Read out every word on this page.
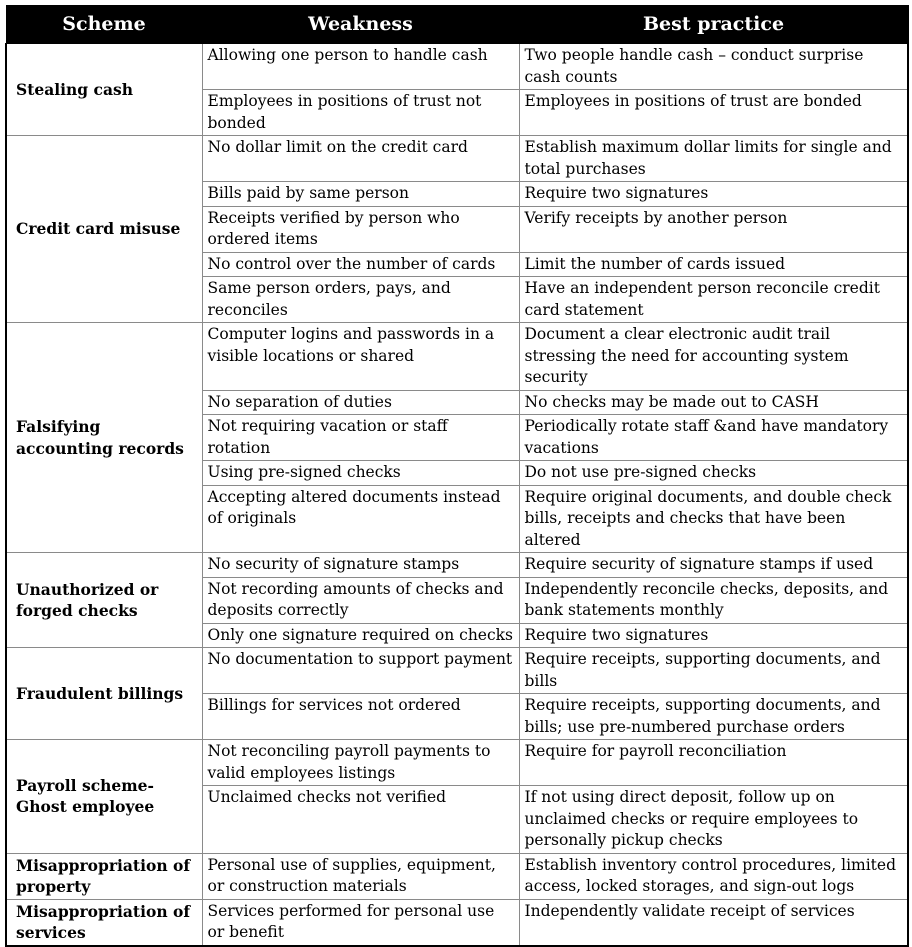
Scheme	Weakness	Best practice
Stealing cash	Allowing one person to handle cash	Two people handle cash – conduct surprise cash counts
	Employees in positions of trust not bonded	Employees in positions of trust are bonded
Credit card misuse	No dollar limit on the credit card	Establish maximum dollar limits for single and total purchases
	Bills paid by same person	Require two signatures
	Receipts verified by person who ordered items	Verify receipts by another person
	No control over the number of cards	Limit the number of cards issued
	Same person orders, pays, and reconciles	Have an independent person reconcile credit card statement
Falsifying accounting records	Computer logins and passwords in a visible locations or shared	Document a clear electronic audit trail stressing the need for accounting system security
	No separation of duties	No checks may be made out to CASH
	Not requiring vacation or staff rotation	Periodically rotate staff &and have mandatory vacations
	Using pre-signed checks	Do not use pre-signed checks
	Accepting altered documents instead of originals	Require original documents, and double check bills, receipts and checks that have been altered
Unauthorized or forged checks	No security of signature stamps	Require security of signature stamps if used
	Not recording amounts of checks and deposits correctly	Independently reconcile checks, deposits, and bank statements monthly
	Only one signature required on checks	Require two signatures
Fraudulent billings	No documentation to support payment	Require receipts, supporting documents, and bills
	Billings for services not ordered	Require receipts, supporting documents, and bills; use pre-numbered purchase orders
Payroll scheme-Ghost employee	Not reconciling payroll payments to valid employees listings	Require for payroll reconciliation
	Unclaimed checks not verified	If not using direct deposit, follow up on unclaimed checks or require employees to personally pickup checks
Misappropriation of property	Personal use of supplies, equipment, or construction materials	Establish inventory control procedures, limited access, locked storages, and sign-out logs
Misappropriation of services	Services performed for personal use or benefit	Independently validate receipt of services
